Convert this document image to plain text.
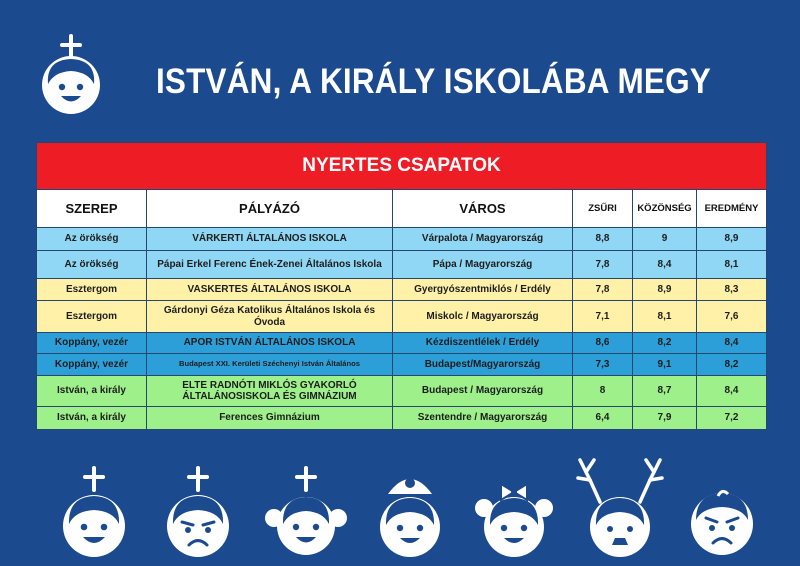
ISTVÁN, A KIRÁLY ISKOLÁBA MEGY
NYERTES CSAPATOK					
SZEREP	PÁLYÁZÓ	VÁROS	ZSŰRI	KÖZÖNSÉG	EREDMÉNY
Az örökség	VÁRKERTI ÁLTALÁNOS ISKOLA	Várpalota / Magyarország	8,8	9	8,9
Az örökség	Pápai Erkel Ferenc Ének-Zenei Általános Iskola	Pápa / Magyarország	7,8	8,4	8,1
Esztergom	VASKERTES ÁLTALÁNOS ISKOLA	Gyergyószentmiklós / Erdély	7,8	8,9	8,3
Esztergom	Gárdonyi Géza Katolikus Általános Iskola és Óvoda	Miskolc / Magyarország	7,1	8,1	7,6
Koppány, vezér	APOR ISTVÁN ÁLTALÁNOS ISKOLA	Kézdiszentlélek / Erdély	8,6	8,2	8,4
Koppány, vezér	Budapest XXI. Kerületi Széchenyi István Általános	Budapest/Magyarország	7,3	9,1	8,2
István, a király	ELTE RADNÓTI MIKLÓS GYAKORLÓ ÁLTALÁNOSISKOLA ÉS GIMNÁZIUM	Budapest / Magyarország	8	8,7	8,4
István, a király	Ferences Gimnázium	Szentendre / Magyarország	6,4	7,9	7,2
